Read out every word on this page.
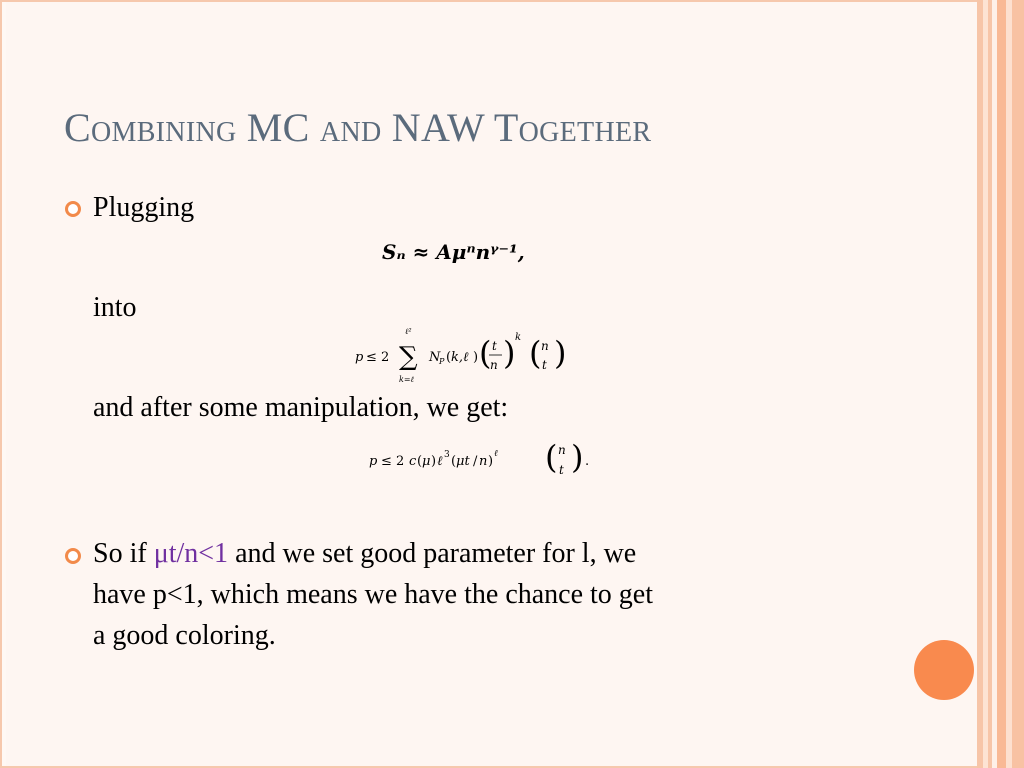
Combining MC and NAW Together

Plugging

Sₙ ≈ Aμⁿnᵞ⁻¹,

into

p ≤ 2
ℓ²
∑
k=ℓ
N
P ( k,ℓ ) ( t
n ) k ( n
t )

and after some manipulation, we get:

p ≤ 2 c ( μ ) ℓ 3 ( μt / n ) ℓ ( n
t ) .

So if μt/n<1 and we set good parameter for l, we

have p<1, which means we have the chance to get

a good coloring.
